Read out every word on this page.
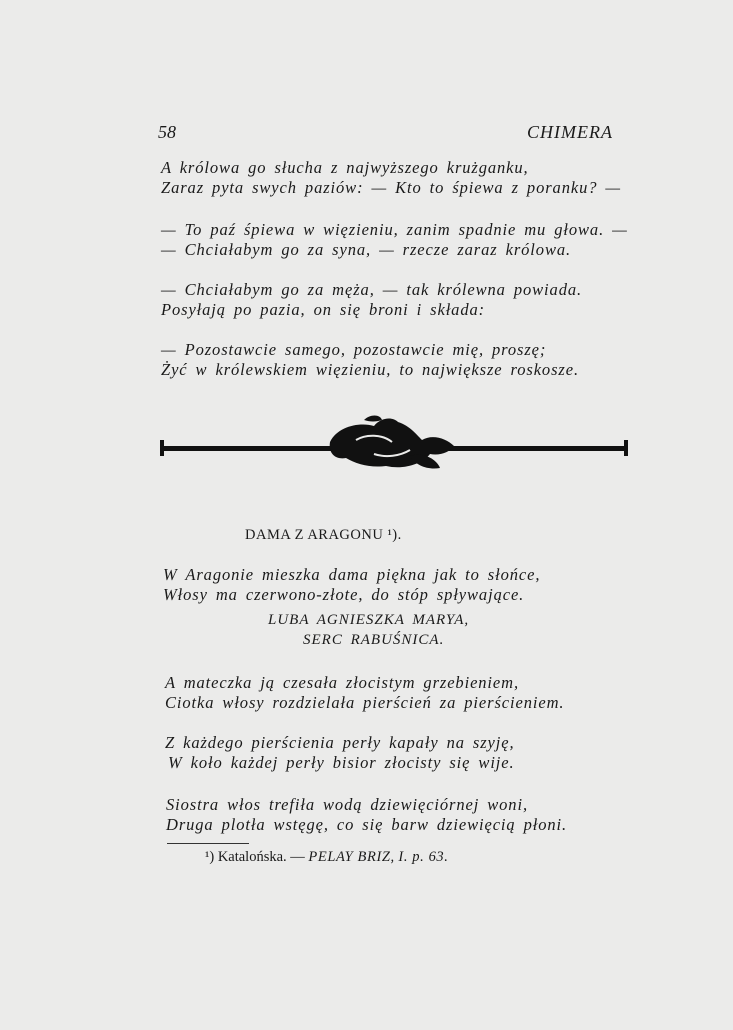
58	CHIMERA
A królowa go słucha z najwyższego krużganku,
Zaraz pyta swych paziów: — Kto to śpiewa z poranku? —
— To paź śpiewa w więzieniu, zanim spadnie mu głowa. —
— Chciałabym go za syna, — rzecze zaraz królowa.
— Chciałabym go za męża, — tak królewna powiada.
Posyłają po pazia, on się broni i składa:
— Pozostawcie samego, pozostawcie mię, proszę;
Żyć w królewskiem więzieniu, to największe roskosze.
DAMA Z ARAGONU ¹).
W Aragonie mieszka dama piękna jak to słońce,
Włosy ma czerwono-złote, do stóp spływające.
LUBA AGNIESZKA MARYA,
SERC RABUŚNICA.
A mateczka ją czesała złocistym grzebieniem,
Ciotka włosy rozdzielała pierścień za pierścieniem.
Z każdego pierścienia perły kapały na szyję,
W koło każdej perły bisior złocisty się wije.
Siostra włos trefiła wodą dziewięciórnej woni,
Druga plotła wstęgę, co się barw dziewięcią płoni.
¹) Katalońska. — PELAY BRIZ, I. p. 63.
